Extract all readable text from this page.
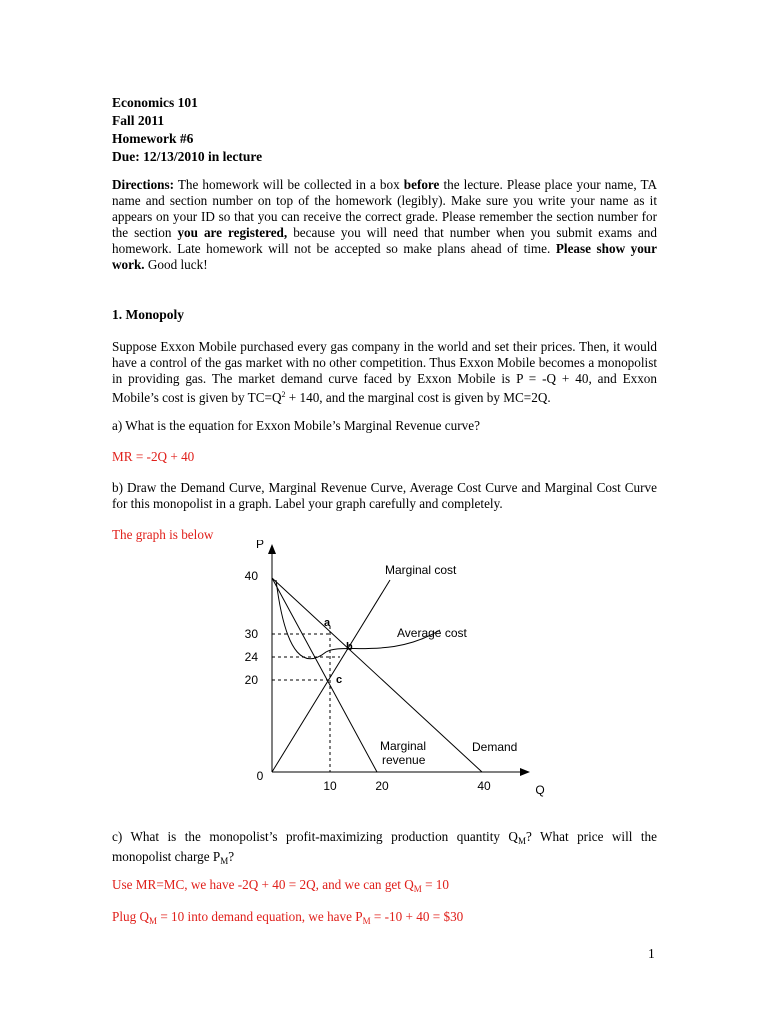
Economics 101
Fall 2011
Homework #6
Due: 12/13/2010 in lecture
Directions: The homework will be collected in a box before the lecture. Please place your name, TA name and section number on top of the homework (legibly). Make sure you write your name as it appears on your ID so that you can receive the correct grade. Please remember the section number for the section you are registered, because you will need that number when you submit exams and homework. Late homework will not be accepted so make plans ahead of time. Please show your work. Good luck!
1. Monopoly
Suppose Exxon Mobile purchased every gas company in the world and set their prices. Then, it would have a control of the gas market with no other competition. Thus Exxon Mobile becomes a monopolist in providing gas. The market demand curve faced by Exxon Mobile is P = -Q + 40, and Exxon Mobile’s cost is given by $TC=Q^2 + 140$, and the marginal cost is given by MC=2Q.
a) What is the equation for Exxon Mobile’s Marginal Revenue curve?
MR = -2Q + 40
b) Draw the Demand Curve, Marginal Revenue Curve, Average Cost Curve and Marginal Cost Curve for this monopolist in a graph. Label your graph carefully and completely.
The graph is below
P
40
30
24
20
0
10	20	40	Q
Marginal cost
Average cost
Demand
Marginal
revenue
a
b
c
c) What is the monopolist’s profit-maximizing production quantity $Q_M$? What price will the monopolist charge $P_M$?
Use MR=MC, we have -2Q + 40 = 2Q, and we can get $Q_M = 10$
Plug $Q_M = 10$ into demand equation, we have $P_M = -10 + 40$ = $30
1
